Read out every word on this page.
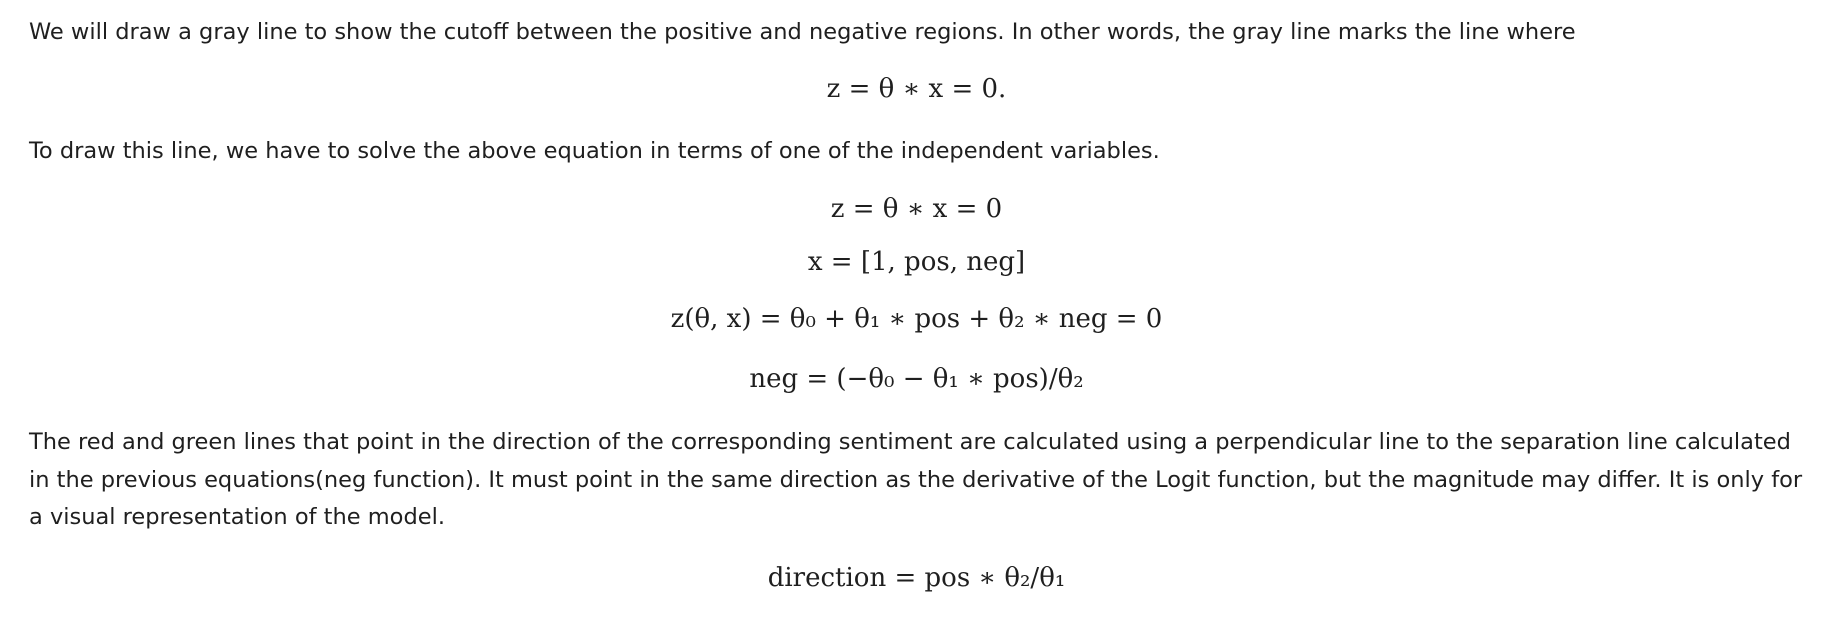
We will draw a gray line to show the cutoff between the positive and negative regions. In other words, the gray line marks the line where

z = θ ∗ x = 0.

To draw this line, we have to solve the above equation in terms of one of the independent variables.

z = θ ∗ x = 0
x = [1, pos, neg]
z(θ, x) = θ₀ + θ₁ ∗ pos + θ₂ ∗ neg = 0
neg = (−θ₀ − θ₁ ∗ pos)/θ₂

The red and green lines that point in the direction of the corresponding sentiment are calculated using a perpendicular line to the separation line calculated in the previous equations(neg function). It must point in the same direction as the derivative of the Logit function, but the magnitude may differ. It is only for a visual representation of the model.

direction = pos ∗ θ₂/θ₁
